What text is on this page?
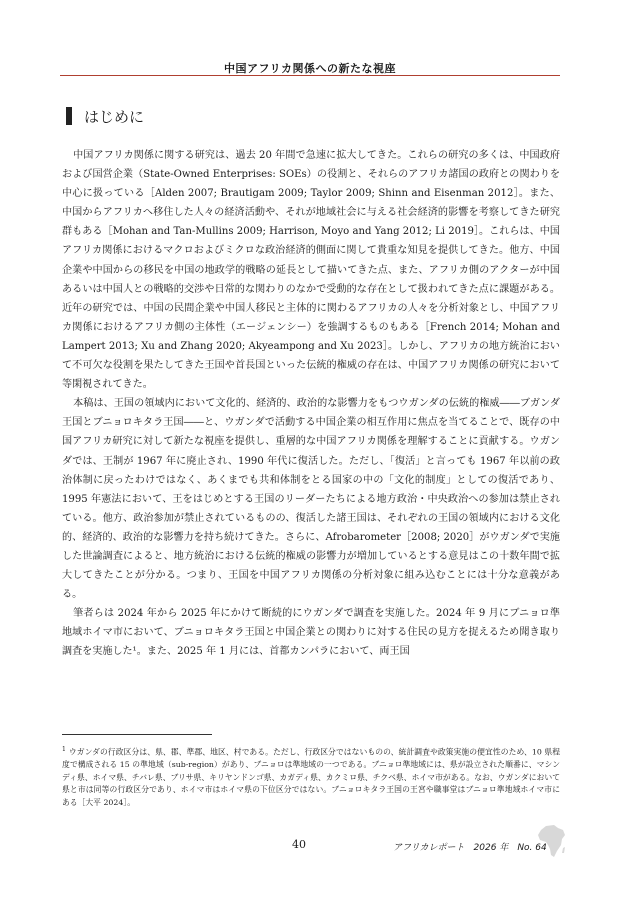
中国アフリカ関係への新たな視座
はじめに

中国アフリカ関係に関する研究は、過去 20 年間で急速に拡大してきた。これらの研究の多くは、中国政府および国営企業（State-Owned Enterprises: SOEs）の役割と、それらのアフリカ諸国の政府との関わりを中心に扱っている［Alden 2007; Brautigam 2009; Taylor 2009; Shinn and Eisenman 2012］。また、中国からアフリカへ移住した人々の経済活動や、それが地域社会に与える社会経済的影響を考察してきた研究群もある［Mohan and Tan-Mullins 2009; Harrison, Moyo and Yang 2012; Li 2019］。これらは、中国アフリカ関係におけるマクロおよびミクロな政治経済的側面に関して貴重な知見を提供してきた。他方、中国企業や中国からの移民を中国の地政学的戦略の延長として描いてきた点、また、アフリカ側のアクターが中国あるいは中国人との戦略的交渉や日常的な関わりのなかで受動的な存在として扱われてきた点に課題がある。近年の研究では、中国の民間企業や中国人移民と主体的に関わるアフリカの人々を分析対象とし、中国アフリカ関係におけるアフリカ側の主体性（エージェンシー）を強調するものもある［French 2014; Mohan and Lampert 2013; Xu and Zhang 2020; Akyeampong and Xu 2023］。しかし、アフリカの地方統治において不可欠な役割を果たしてきた王国や首長国といった伝統的権威の存在は、中国アフリカ関係の研究において等閑視されてきた。

本稿は、王国の領域内において文化的、経済的、政治的な影響力をもつウガンダの伝統的権威――ブガンダ王国とブニョロキタラ王国――と、ウガンダで活動する中国企業の相互作用に焦点を当てることで、既存の中国アフリカ研究に対して新たな視座を提供し、重層的な中国アフリカ関係を理解することに貢献する。ウガンダでは、王制が 1967 年に廃止され、1990 年代に復活した。ただし、「復活」と言っても 1967 年以前の政治体制に戻ったわけではなく、あくまでも共和体制をとる国家の中の「文化的制度」としての復活であり、1995 年憲法において、王をはじめとする王国のリーダーたちによる地方政治・中央政治への参加は禁止されている。他方、政治参加が禁止されているものの、復活した諸王国は、それぞれの王国の領域内における文化的、経済的、政治的な影響力を持ち続けてきた。さらに、Afrobarometer［2008; 2020］がウガンダで実施した世論調査によると、地方統治における伝統的権威の影響力が増加しているとする意見はこの十数年間で拡大してきたことが分かる。つまり、王国を中国アフリカ関係の分析対象に組み込むことには十分な意義がある。

筆者らは 2024 年から 2025 年にかけて断続的にウガンダで調査を実施した。2024 年 9 月にブニョロ準地域ホイマ市において、ブニョロキタラ王国と中国企業との関わりに対する住民の見方を捉えるため聞き取り調査を実施した¹。また、2025 年 1 月には、首都カンパラにおいて、両王国

$^1$ ウガンダの行政区分は、県、郡、準郡、地区、村である。ただし、行政区分ではないものの、統計調査や政策実施の便宜性のため、10 県程度で構成される 15 の準地域（sub-region）があり、ブニョロは準地域の一つである。ブニョロ準地域には、県が設立された順番に、マシンディ県、ホイマ県、チバレ県、ブリサ県、キリヤンドンゴ県、カガディ県、カクミロ県、チクベ県、ホイマ市がある。なお、ウガンダにおいて県と市は同等の行政区分であり、ホイマ市はホイマ県の下位区分ではない。ブニョロキタラ王国の王宮や職事堂はブニョロ準地域ホイマ市にある［大平 2024］。
40	アフリカレポート　2026 年　No. 64
